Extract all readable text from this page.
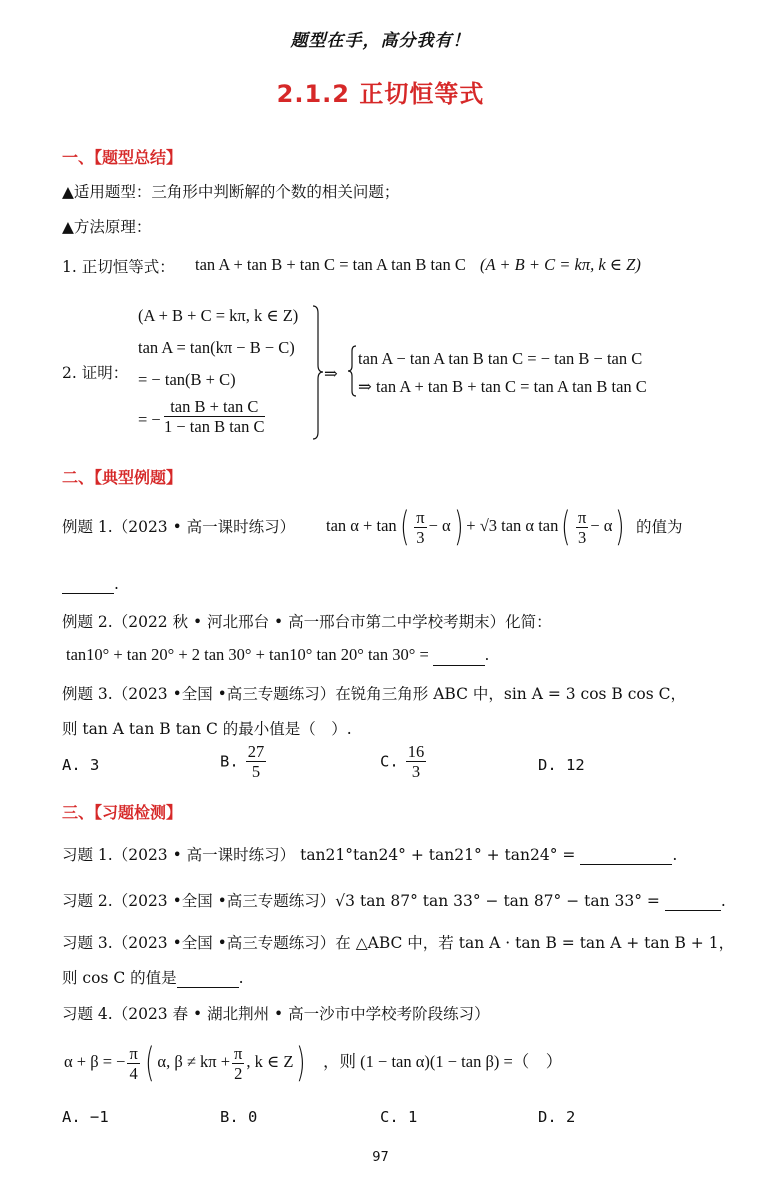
题型在手，高分我有！
2.1.2 正切恒等式
一、【题型总结】
▲适用题型：三角形中判断解的个数的相关问题；
▲方法原理：
1. 正切恒等式： tan A + tan B + tan C = tan A tan B tan C (A + B + C = kπ, k ∈ Z)
2. 证明：
(A + B + C = kπ, k ∈ Z)
tan A = tan(kπ − B − C)
= − tan(B + C)
= − $\frac{\text{tan B + tan C}}{\text{1 − tan B tan C}}$
⇒
tan A − tan A tan B tan C = − tan B − tan C
⇒ tan A + tan B + tan C = tan A tan B tan C
二、【典型例题】
例题 1.（2023 • 高一课时练习） $\tan \alpha + \tan( \frac{\pi}{3} - \alpha) + √3$ tan α $\tan( \frac{\pi}{3} - \alpha)$ 的值为
.
例题 2.（2022 秋 • 河北邢台 • 高一邢台市第二中学校考期末）化简：
tan10° + tan 20° + 2 tan 30° + tan10° tan 20° tan 30° =	.
例题 3.（2023 •全国 •高三专题练习）在锐角三角形 ABC 中，sin A = 3 cos B cos C，
则 tan A tan B tan C 的最小值是（　）.
A. 3	B. $\frac{27}{5}$	C. $\frac{16}{3}$	D. 12
三、【习题检测】
习题 1.（2023 • 高一课时练习） tan21°tan24° + tan21° + tan24° =	.
习题 2.（2023 •全国 •高三专题练习）√3 tan 87° tan 33° − tan 87° − tan 33° =	.
习题 3.（2023 •全国 •高三专题练习）在 △ABC 中，若 tan A · tan B = tan A + tan B + 1，
则 cos C 的值是	.
习题 4.（2023 春 • 湖北荆州 • 高一沙市中学校考阶段练习）
α + β = − $\frac{\pi}{4}$ ( α, $\beta \ne k\pi + \frac{\pi}{2}$ , k ∈ Z) ，则 (1 − tan α)(1 − tan β) =（　）
A. −1	B. 0	C. 1	D. 2
97
